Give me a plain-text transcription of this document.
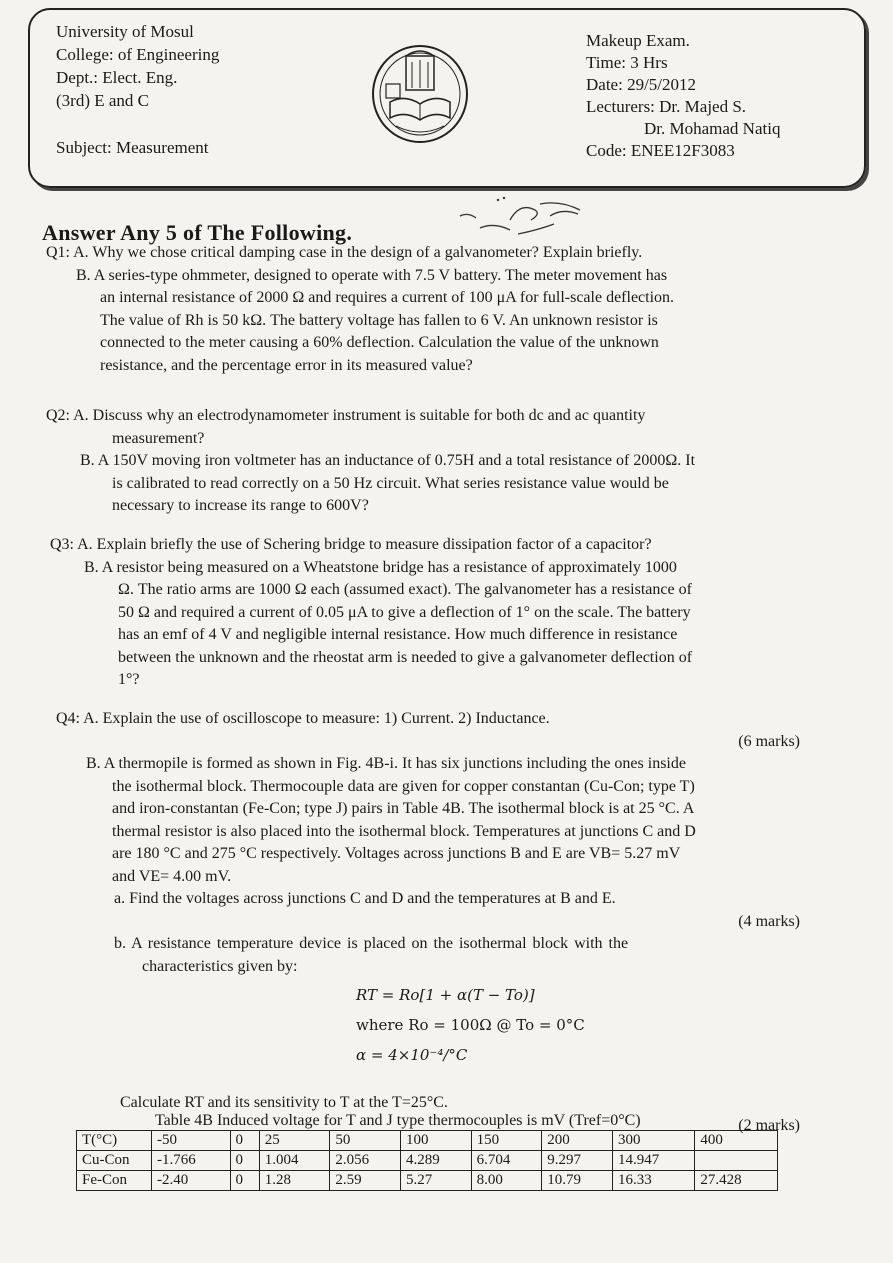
University of Mosul
College: of Engineering
Dept.: Elect. Eng.
(3rd) E and C
Subject: Measurement
Makeup Exam.
Time: 3 Hrs
Date: 29/5/2012
Lecturers: Dr. Majed S.
Dr. Mohamad Natiq
Code: ENEE12F3083
Answer Any 5 of The Following.

Q1: A. Why we chose critical damping case in the design of a galvanometer? Explain briefly.

B. A series-type ohmmeter, designed to operate with 7.5 V battery. The meter movement has

an internal resistance of 2000 Ω and requires a current of 100 μA for full-scale deflection.

The value of Rh is 50 kΩ. The battery voltage has fallen to 6 V. An unknown resistor is

connected to the meter causing a 60% deflection. Calculation the value of the unknown

resistance, and the percentage error in its measured value?

Q2: A. Discuss why an electrodynamometer instrument is suitable for both dc and ac quantity

measurement?

B. A 150V moving iron voltmeter has an inductance of 0.75H and a total resistance of 2000Ω. It

is calibrated to read correctly on a 50 Hz circuit. What series resistance value would be

necessary to increase its range to 600V?

Q3: A. Explain briefly the use of Schering bridge to measure dissipation factor of a capacitor?

B. A resistor being measured on a Wheatstone bridge has a resistance of approximately 1000

Ω. The ratio arms are 1000 Ω each (assumed exact). The galvanometer has a resistance of

50 Ω and required a current of 0.05 μA to give a deflection of 1° on the scale. The battery

has an emf of 4 V and negligible internal resistance. How much difference in resistance

between the unknown and the rheostat arm is needed to give a galvanometer deflection of

1°?

Q4: A. Explain the use of oscilloscope to measure: 1) Current. 2) Inductance.

(6 marks)

B. A thermopile is formed as shown in Fig. 4B-i. It has six junctions including the ones inside

the isothermal block. Thermocouple data are given for copper constantan (Cu-Con; type T)

and iron-constantan (Fe-Con; type J) pairs in Table 4B. The isothermal block is at 25 °C. A

thermal resistor is also placed into the isothermal block. Temperatures at junctions C and D

are 180 °C and 275 °C respectively. Voltages across junctions B and E are VB= 5.27 mV

and VE= 4.00 mV.

a. Find the voltages across junctions C and D and the temperatures at B and E.

(4 marks)

b. A resistance temperature device is placed on the isothermal block with the

characteristics given by:

RT = Ro[1 + α(T − To)]
where Ro = 100Ω @ To = 0°C
α = 4×10⁻⁴/°C

Calculate RT and its sensitivity to T at the T=25°C.

(2 marks)

Table 4B Induced voltage for T and J type thermocouples is mV (Tref=0°C)
T(°C)	-50	0	25	50	100	150	200	300	400
Cu-Con	-1.766	0	1.004	2.056	4.289	6.704	9.297	14.947	
Fe-Con	-2.40	0	1.28	2.59	5.27	8.00	10.79	16.33	27.428
